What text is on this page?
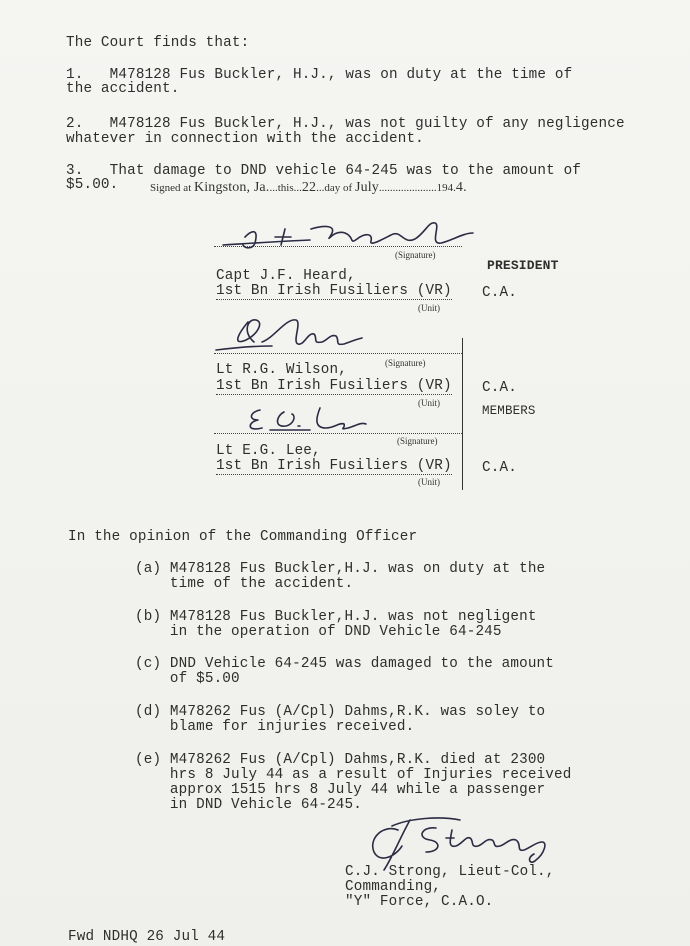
The Court finds that:
1.   M478128 Fus Buckler, H.J., was on duty at the time of
the accident.
2.   M478128 Fus Buckler, H.J., was not guilty of any negligence
whatever in connection with the accident.
3.   That damage to DND vehicle 64-245 was to the amount of
$5.00.	Signed at Kingston, Ja....this...22...day of July.....................194.4.
(Signature)
PRESIDENT
Capt J.F. Heard,
1st Bn Irish Fusiliers (VR) C.A.
(Unit)
MEMBERS
(Signature)
Lt R.G. Wilson,
1st Bn Irish Fusiliers (VR) C.A.
(Unit)
(Signature)
Lt E.G. Lee,
1st Bn Irish Fusiliers (VR) C.A.
(Unit)
In the opinion of the Commanding Officer
(a) M478128 Fus Buckler,H.J. was on duty at the
time of the accident.
(b) M478128 Fus Buckler,H.J. was not negligent
in the operation of DND Vehicle 64-245
(c) DND Vehicle 64-245 was damaged to the amount
of $5.00
(d) M478262 Fus (A/Cpl) Dahms,R.K. was soley to
blame for injuries received.
(e) M478262 Fus (A/Cpl) Dahms,R.K. died at 2300
hrs 8 July 44 as a result of Injuries received
approx 1515 hrs 8 July 44 while a passenger
in DND Vehicle 64-245.
C.J. Strong, Lieut-Col.,
Commanding,
"Y" Force, C.A.O.
Fwd NDHQ 26 Jul 44
